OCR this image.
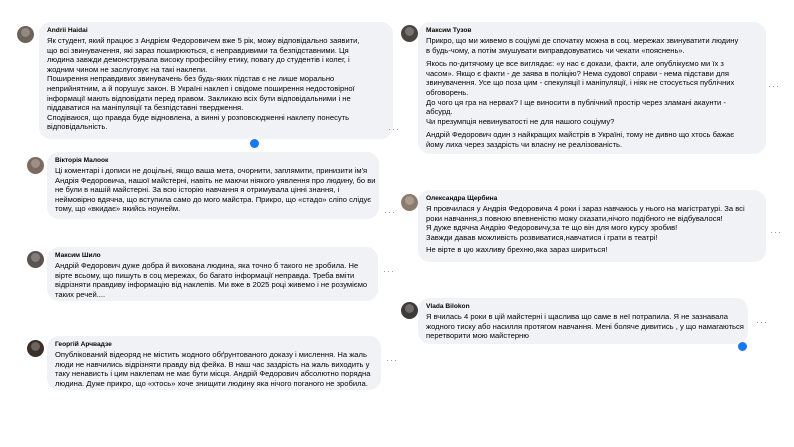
Andrii Haidai
Як студент, який працює з Андрієм Федоровичем вже 5 рік, можу відповідально заявити,
що всі звинувачення, які зараз поширюються, є неправдивими та безпідставними. Ця
людина завжди демонструвала високу професійну етику, повагу до студентів і колег, і
жодним чином не заслуговує на такі наклепи.
Поширення неправдивих звинувачень без будь-яких підстав є не лише морально
неприйнятним, а й порушує закон. В Україні наклеп і свідоме поширення недостовірної
інформації мають відповідати перед правом. Закликаю всіх бути відповідальними і не
піддаватися на маніпуляції та безпідставні твердження.
Сподіваюся, що правда буде відновлена, а винні у розповсюдженні наклепу понесуть
відповідальність.	···
Вікторія Малоок
Ці коментарі і дописи не доцільні, якщо ваша мета, очорнити, заплямити, принизити ім'я
Андрія Федоровича, нашої майстерні, навіть не маючи ніякого уявлення про людину, бо ви
не були в нашій майстерні. За всю історію навчання я отримувала цінні знання, і
неймовірно вдячна, що вступила само до мого майстра. Прикро, що «стадо» сліпо слідує
тому, що «вкидає» якийсь ноунейм.	···
Максим Шило
Андрій Федорович дуже добра й вихована людина, яка точно б такого не зробила. Не
вірте всьому, що пишуть в соц мережах, бо багато інформації неправда. Треба вміти
відрізняти правдиву інформацію від наклепів. Ми вже в 2025 році живемо і не розуміємо
таких речей....
···
Георгій Арчвадзе
Опублікований відеоряд не містить жодного обґрунтованого доказу і мислення. На жаль
люди не навчились відрізняти правду від фейка. В наш час заздрість на жаль виходить у
таку ненависть і цим наклепам не має бути місця. Андрій Федорович абсолютно порядна
людина. Дуже прикро, що «хтось» хоче знищити людину яка нічого поганого не зробила.
···
Максим Тузов
Прикро, що ми живемо в соціумі де спочатку можна в соц. мережах звинуватити людину
в будь-чому, а потім змушувати виправдовуватись чи чекати «пояснень».
Якось по-дитячому це все виглядає: «у нас є докази, факти, але опублікуємо ми їх з
часом». Якщо є факти - де заява в поліцію? Нема судової справи - нема підстави для
звинувачення. Усе що поза цим - спекуляції і маніпуляції, і ніяк не стосується публічних
обговорень.
До чого ця гра на нервах? І ще виносити в публічний простір через зламані акаунти -
абсурд.
Чи презумпція невинуватості не для нашого соціуму?
Андрій Федорович один з найкращих майстрів в Україні, тому не дивно що хтось бажає
йому лиха через заздрість чи власну не реалізованість.
···
Олександра Щербина
Я провчилася у Андрія Федоровича 4 роки і зараз навчаюсь у нього на магістратурі. За всі
роки навчання,з повною впевненістю можу сказати,нічого подібного не відбувалося!
Я дуже вдячна Андрію Федоровичу,за те що він для мого курсу зробив!
Завжди давав можливість розвиватися,навчатися і грати в театрі!
Не вірте в цю жахливу брехню,яка зараз шириться!
···
Vlada Bilokon
Я вчилась 4 роки в цій майстерні і щаслива що саме в неї потрапила. Я не зазнавала
жодного тиску або насилля протягом навчання. Мені боляче дивитись , у що намагаються
перетворити мою майстерню
···
